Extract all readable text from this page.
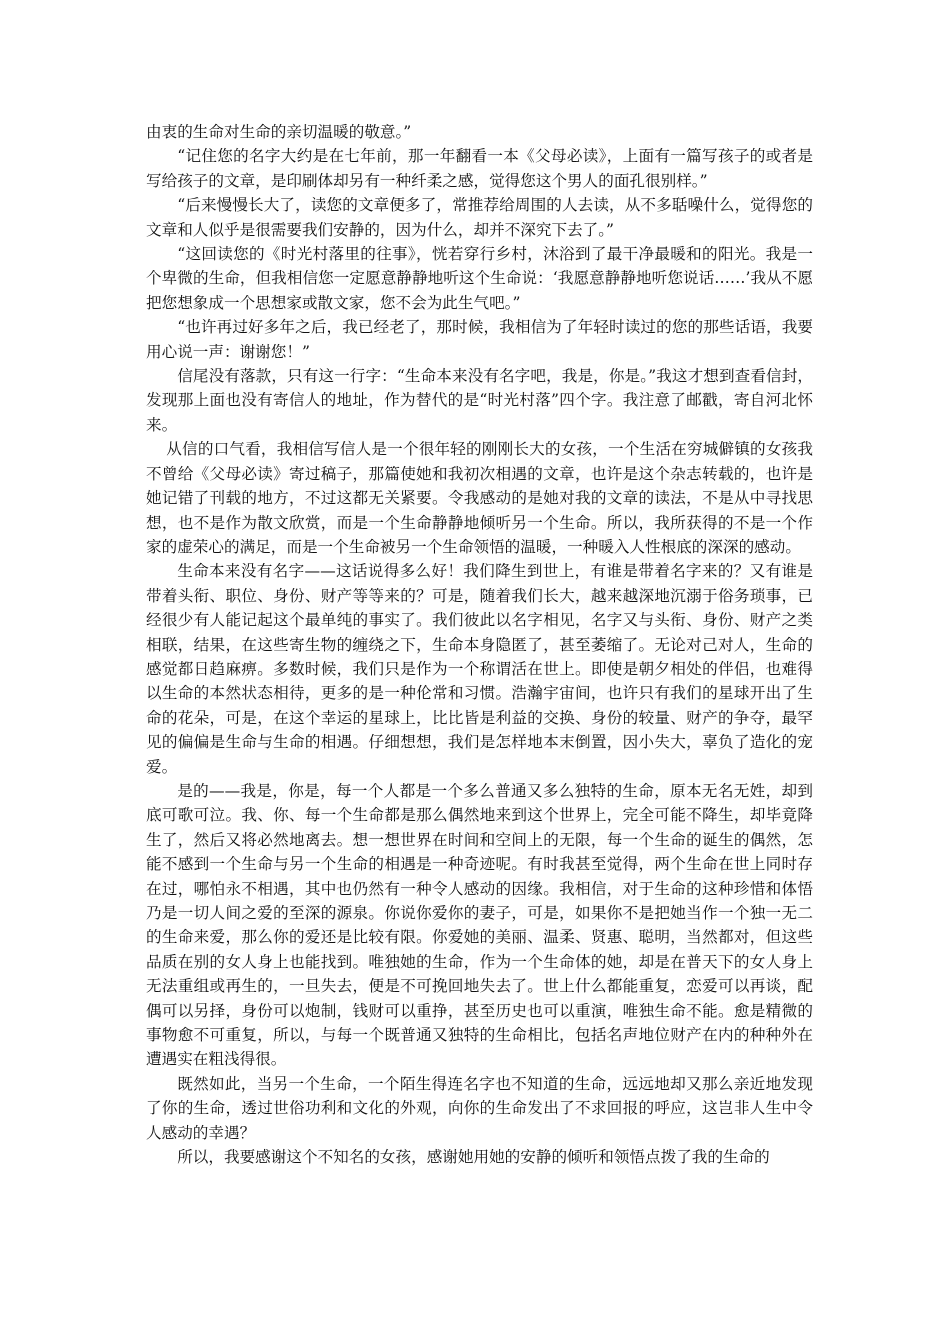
由衷的生命对生命的亲切温暖的敬意。”

“记住您的名字大约是在七年前，那一年翻看一本《父母必读》，上面有一篇写孩子的或者是写给孩子的文章，是印刷体却另有一种纤柔之感，觉得您这个男人的面孔很别样。”

“后来慢慢长大了，读您的文章便多了，常推荐给周围的人去读，从不多聒噪什么，觉得您的文章和人似乎是很需要我们安静的，因为什么，却并不深究下去了。”

“这回读您的《时光村落里的往事》，恍若穿行乡村，沐浴到了最干净最暖和的阳光。我是一个卑微的生命，但我相信您一定愿意静静地听这个生命说：‘我愿意静静地听您说话……’我从不愿把您想象成一个思想家或散文家，您不会为此生气吧。”

“也许再过好多年之后，我已经老了，那时候，我相信为了年轻时读过的您的那些话语，我要用心说一声：谢谢您！”

信尾没有落款，只有这一行字：“生命本来没有名字吧，我是，你是。”我这才想到查看信封，发现那上面也没有寄信人的地址，作为替代的是“时光村落”四个字。我注意了邮戳，寄自河北怀来。

从信的口气看，我相信写信人是一个很年轻的刚刚长大的女孩，一个生活在穷城僻镇的女孩我不曾给《父母必读》寄过稿子，那篇使她和我初次相遇的文章，也许是这个杂志转载的，也许是她记错了刊载的地方，不过这都无关紧要。令我感动的是她对我的文章的读法，不是从中寻找思想，也不是作为散文欣赏，而是一个生命静静地倾听另一个生命。所以，我所获得的不是一个作家的虚荣心的满足，而是一个生命被另一个生命领悟的温暖，一种暖入人性根底的深深的感动。

生命本来没有名字——这话说得多么好！我们降生到世上，有谁是带着名字来的？又有谁是带着头衔、职位、身份、财产等等来的？可是，随着我们长大，越来越深地沉溺于俗务琐事，已经很少有人能记起这个最单纯的事实了。我们彼此以名字相见，名字又与头衔、身份、财产之类相联，结果，在这些寄生物的缠绕之下，生命本身隐匿了，甚至萎缩了。无论对己对人，生命的感觉都日趋麻痹。多数时候，我们只是作为一个称谓活在世上。即使是朝夕相处的伴侣，也难得以生命的本然状态相待，更多的是一种伦常和习惯。浩瀚宇宙间，也许只有我们的星球开出了生命的花朵，可是，在这个幸运的星球上，比比皆是利益的交换、身份的较量、财产的争夺，最罕见的偏偏是生命与生命的相遇。仔细想想，我们是怎样地本末倒置，因小失大，辜负了造化的宠爱。

是的——我是，你是，每一个人都是一个多么普通又多么独特的生命，原本无名无姓，却到底可歌可泣。我、你、每一个生命都是那么偶然地来到这个世界上，完全可能不降生，却毕竟降生了，然后又将必然地离去。想一想世界在时间和空间上的无限，每一个生命的诞生的偶然，怎能不感到一个生命与另一个生命的相遇是一种奇迹呢。有时我甚至觉得，两个生命在世上同时存在过，哪怕永不相遇，其中也仍然有一种令人感动的因缘。我相信，对于生命的这种珍惜和体悟乃是一切人间之爱的至深的源泉。你说你爱你的妻子，可是，如果你不是把她当作一个独一无二的生命来爱，那么你的爱还是比较有限。你爱她的美丽、温柔、贤惠、聪明，当然都对，但这些品质在别的女人身上也能找到。唯独她的生命，作为一个生命体的她，却是在普天下的女人身上无法重组或再生的，一旦失去，便是不可挽回地失去了。世上什么都能重复，恋爱可以再谈，配偶可以另择，身份可以炮制，钱财可以重挣，甚至历史也可以重演，唯独生命不能。愈是精微的事物愈不可重复，所以，与每一个既普通又独特的生命相比，包括名声地位财产在内的种种外在遭遇实在粗浅得很。

既然如此，当另一个生命，一个陌生得连名字也不知道的生命，远远地却又那么亲近地发现了你的生命，透过世俗功利和文化的外观，向你的生命发出了不求回报的呼应，这岂非人生中令人感动的幸遇？

所以，我要感谢这个不知名的女孩，感谢她用她的安静的倾听和领悟点拨了我的生命的
